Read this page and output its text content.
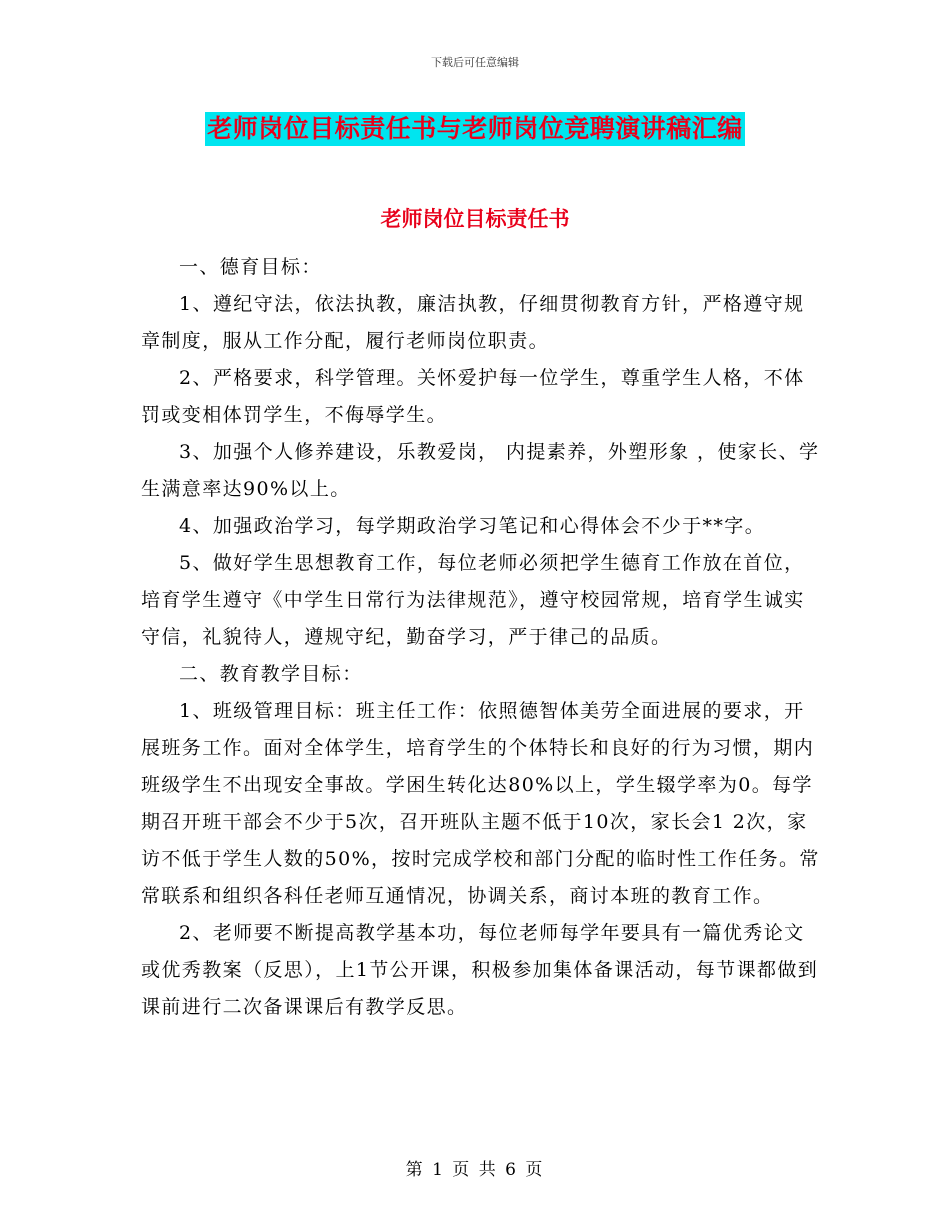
下载后可任意编辑
老师岗位目标责任书与老师岗位竞聘演讲稿汇编
老师岗位目标责任书

一、德育目标：

1、遵纪守法，依法执教，廉洁执教，仔细贯彻教育方针，严格遵守规章制度，服从工作分配，履行老师岗位职责。

2、严格要求，科学管理。关怀爱护每一位学生，尊重学生人格，不体罚或变相体罚学生，不侮辱学生。

3、加强个人修养建设，乐教爱岗， 内提素养，外塑形象 ，使家长、学生满意率达90%以上。

4、加强政治学习，每学期政治学习笔记和心得体会不少于**字。

5、做好学生思想教育工作，每位老师必须把学生德育工作放在首位，培育学生遵守《中学生日常行为法律规范》，遵守校园常规，培育学生诚实守信，礼貌待人，遵规守纪，勤奋学习，严于律己的品质。

二、教育教学目标：

1、班级管理目标：班主任工作：依照德智体美劳全面进展的要求，开展班务工作。面对全体学生，培育学生的个体特长和良好的行为习惯，期内班级学生不出现安全事故。学困生转化达80%以上，学生辍学率为0。每学期召开班干部会不少于5次，召开班队主题不低于10次，家长会1 2次，家访不低于学生人数的50%，按时完成学校和部门分配的临时性工作任务。常常联系和组织各科任老师互通情况，协调关系，商讨本班的教育工作。

2、老师要不断提高教学基本功，每位老师每学年要具有一篇优秀论文或优秀教案（反思），上1节公开课，积极参加集体备课活动，每节课都做到课前进行二次备课课后有教学反思。

第 1 页 共 6 页
